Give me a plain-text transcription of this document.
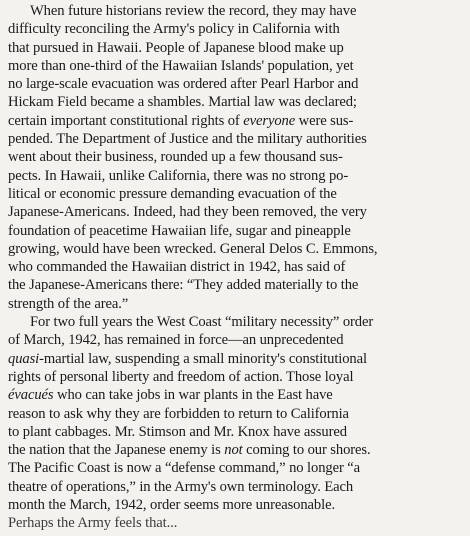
When future historians review the record, they may have
difficulty reconciling the Army's policy in California with
that pursued in Hawaii. People of Japanese blood make up
more than one-third of the Hawaiian Islands' population, yet
no large-scale evacuation was ordered after Pearl Harbor and
Hickam Field became a shambles. Martial law was declared;
certain important constitutional rights of everyone were sus-
pended. The Department of Justice and the military authorities
went about their business, rounded up a few thousand sus-
pects. In Hawaii, unlike California, there was no strong po-
litical or economic pressure demanding evacuation of the
Japanese-Americans. Indeed, had they been removed, the very
foundation of peacetime Hawaiian life, sugar and pineapple
growing, would have been wrecked. General Delos C. Emmons,
who commanded the Hawaiian district in 1942, has said of
the Japanese-Americans there: “They added materially to the
strength of the area.”
For two full years the West Coast “military necessity” order
of March, 1942, has remained in force—an unprecedented
quasi-martial law, suspending a small minority's constitutional
rights of personal liberty and freedom of action. Those loyal
évacués who can take jobs in war plants in the East have
reason to ask why they are forbidden to return to California
to plant cabbages. Mr. Stimson and Mr. Knox have assured
the nation that the Japanese enemy is not coming to our shores.
The Pacific Coast is now a “defense command,” no longer “a
theatre of operations,” in the Army's own terminology. Each
month the March, 1942, order seems more unreasonable.
Perhaps the Army feels that...
